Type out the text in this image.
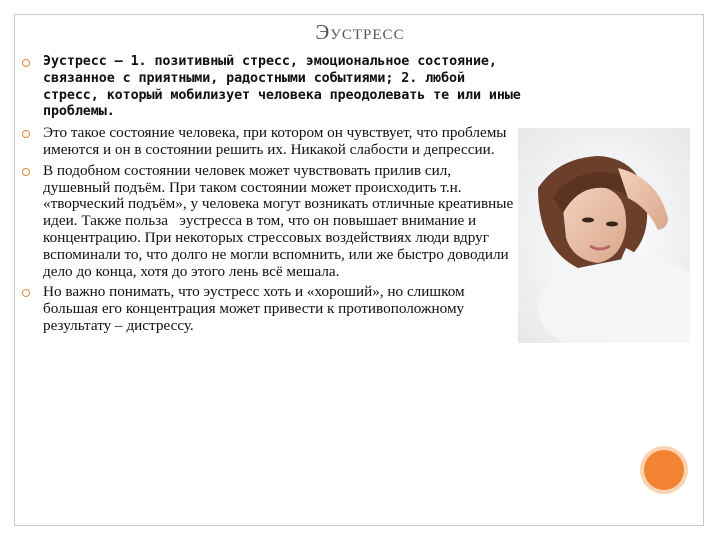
Эустресс
Эустресс – 1. позитивный стресс, эмоциональное состояние, связанное с приятными, радостными событиями; 2. любой стресс, который мобилизует человека преодолевать те или иные проблемы.
Это такое состояние человека, при котором он чувствует, что проблемы имеются и он в состоянии решить их. Никакой слабости и депрессии.
В подобном состоянии человек может чувствовать прилив сил, душевный подъём. При таком состоянии может происходить т.н. «творческий подъём», у человека могут возникать отличные креативные идеи. Также польза   эустресса в том, что он повышает внимание и концентрацию. При некоторых стрессовых воздействиях люди вдруг вспоминали то, что долго не могли вспомнить, или же быстро доводили дело до конца, хотя до этого лень всё мешала.
Но важно понимать, что эустресс хоть и «хороший», но слишком большая его концентрация может привести к противоположному результату – дистрессу.
